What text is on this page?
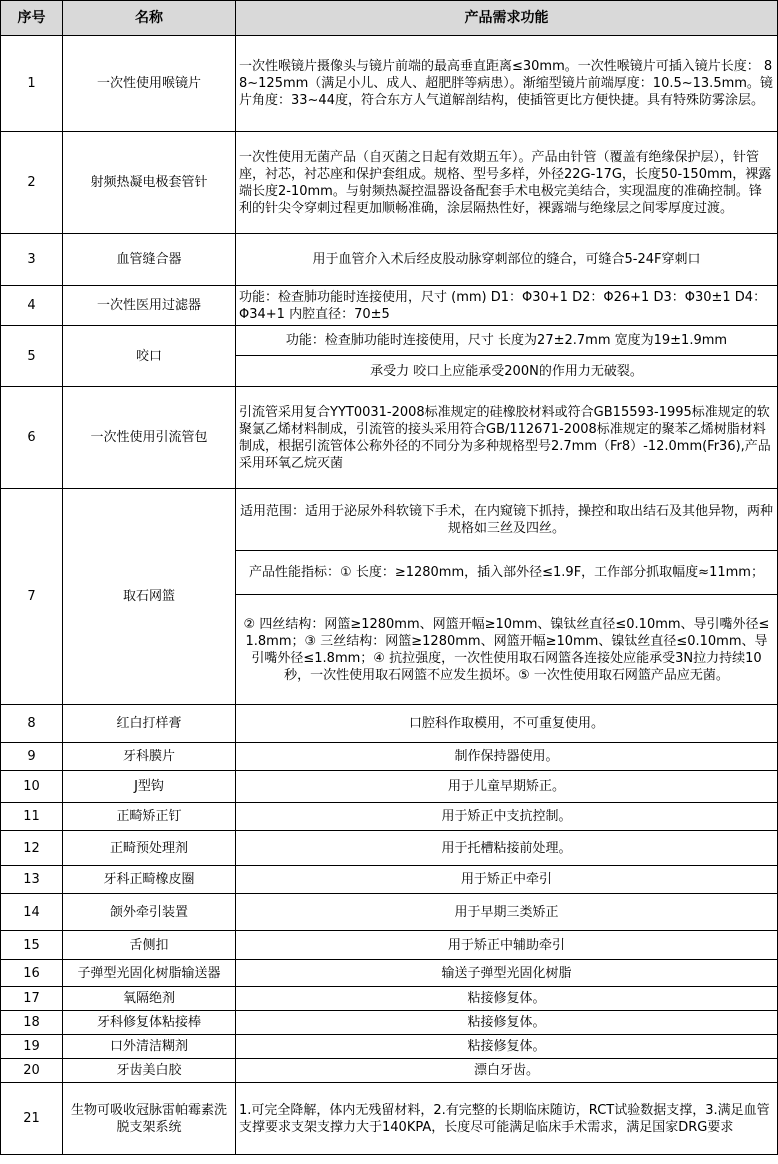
序号	名称	产品需求功能
1	一次性使用喉镜片	一次性喉镜片摄像头与镜片前端的最高垂直距离≤30mm。一次性喉镜片可插入镜片长度： 88~125mm（满足小儿、成人、超肥胖等病患）。渐缩型镜片前端厚度：10.5~13.5mm。镜片角度：33~44度，符合东方人气道解剖结构，使插管更比方便快捷。具有特殊防雾涂层。
2	射频热凝电极套管针	一次性使用无菌产品（自灭菌之日起有效期五年）。产品由针管（覆盖有绝缘保护层），针管座，衬芯，衬芯座和保护套组成。规格、型号多样，外径22G-17G，长度50-150mm，裸露端长度2-10mm。与射频热凝控温器设备配套手术电极完美结合，实现温度的准确控制。锋利的针尖令穿刺过程更加顺畅准确，涂层隔热性好，裸露端与绝缘层之间零厚度过渡。
3	血管缝合器	用于血管介入术后经皮股动脉穿刺部位的缝合，可缝合5-24F穿刺口
4	一次性医用过滤器	功能：检查肺功能时连接使用，尺寸 (mm) D1：Φ30+1 D2：Φ26+1 D3：Φ30±1 D4：Φ34+1 内腔直径：70±5
5	咬口	功能：检查肺功能时连接使用，尺寸 长度为27±2.7mm 宽度为19±1.9mm
		承受力 咬口上应能承受200N的作用力无破裂。
6	一次性使用引流管包	引流管采用复合YYT0031-2008标准规定的硅橡胶材料或符合GB15593-1995标准规定的软聚氯乙烯材料制成，引流管的接头采用符合GB/112671-2008标准规定的聚苯乙烯树脂材料制成，根据引流管体公称外径的不同分为多种规格型号2.7mm（Fr8）-12.0mm(Fr36),产品采用环氧乙烷灭菌
7	取石网篮	适用范围：适用于泌尿外科软镜下手术，在内窥镜下抓持，操控和取出结石及其他异物，两种规格如三丝及四丝。
		产品性能指标：① 长度：≥1280mm，插入部外径≤1.9F，工作部分抓取幅度≈11mm；
		② 四丝结构：网篮≥1280mm、网篮开幅≥10mm、镍钛丝直径≤0.10mm、导引嘴外径≤1.8mm；③ 三丝结构：网篮≥1280mm、网篮开幅≥10mm、镍钛丝直径≤0.10mm、导引嘴外径≤1.8mm；④ 抗拉强度，一次性使用取石网篮各连接处应能承受3N拉力持续10秒，一次性使用取石网篮不应发生损坏。⑤ 一次性使用取石网篮产品应无菌。
8	红白打样膏	口腔科作取模用，不可重复使用。
9	牙科膜片	制作保持器使用。
10	J型钩	用于儿童早期矫正。
11	正畸矫正钉	用于矫正中支抗控制。
12	正畸预处理剂	用于托槽粘接前处理。
13	牙科正畸橡皮圈	用于矫正中牵引
14	颌外牵引装置	用于早期三类矫正
15	舌侧扣	用于矫正中辅助牵引
16	子弹型光固化树脂输送器	输送子弹型光固化树脂
17	氧隔绝剂	粘接修复体。
18	牙科修复体粘接棒	粘接修复体。
19	口外清洁糊剂	粘接修复体。
20	牙齿美白胶	漂白牙齿。
21	生物可吸收冠脉雷帕霉素洗脱支架系统	1.可完全降解，体内无残留材料，2.有完整的长期临床随访，RCT试验数据支撑，3.满足血管支撑要求支架支撑力大于140KPA，长度尽可能满足临床手术需求，满足国家DRG要求
